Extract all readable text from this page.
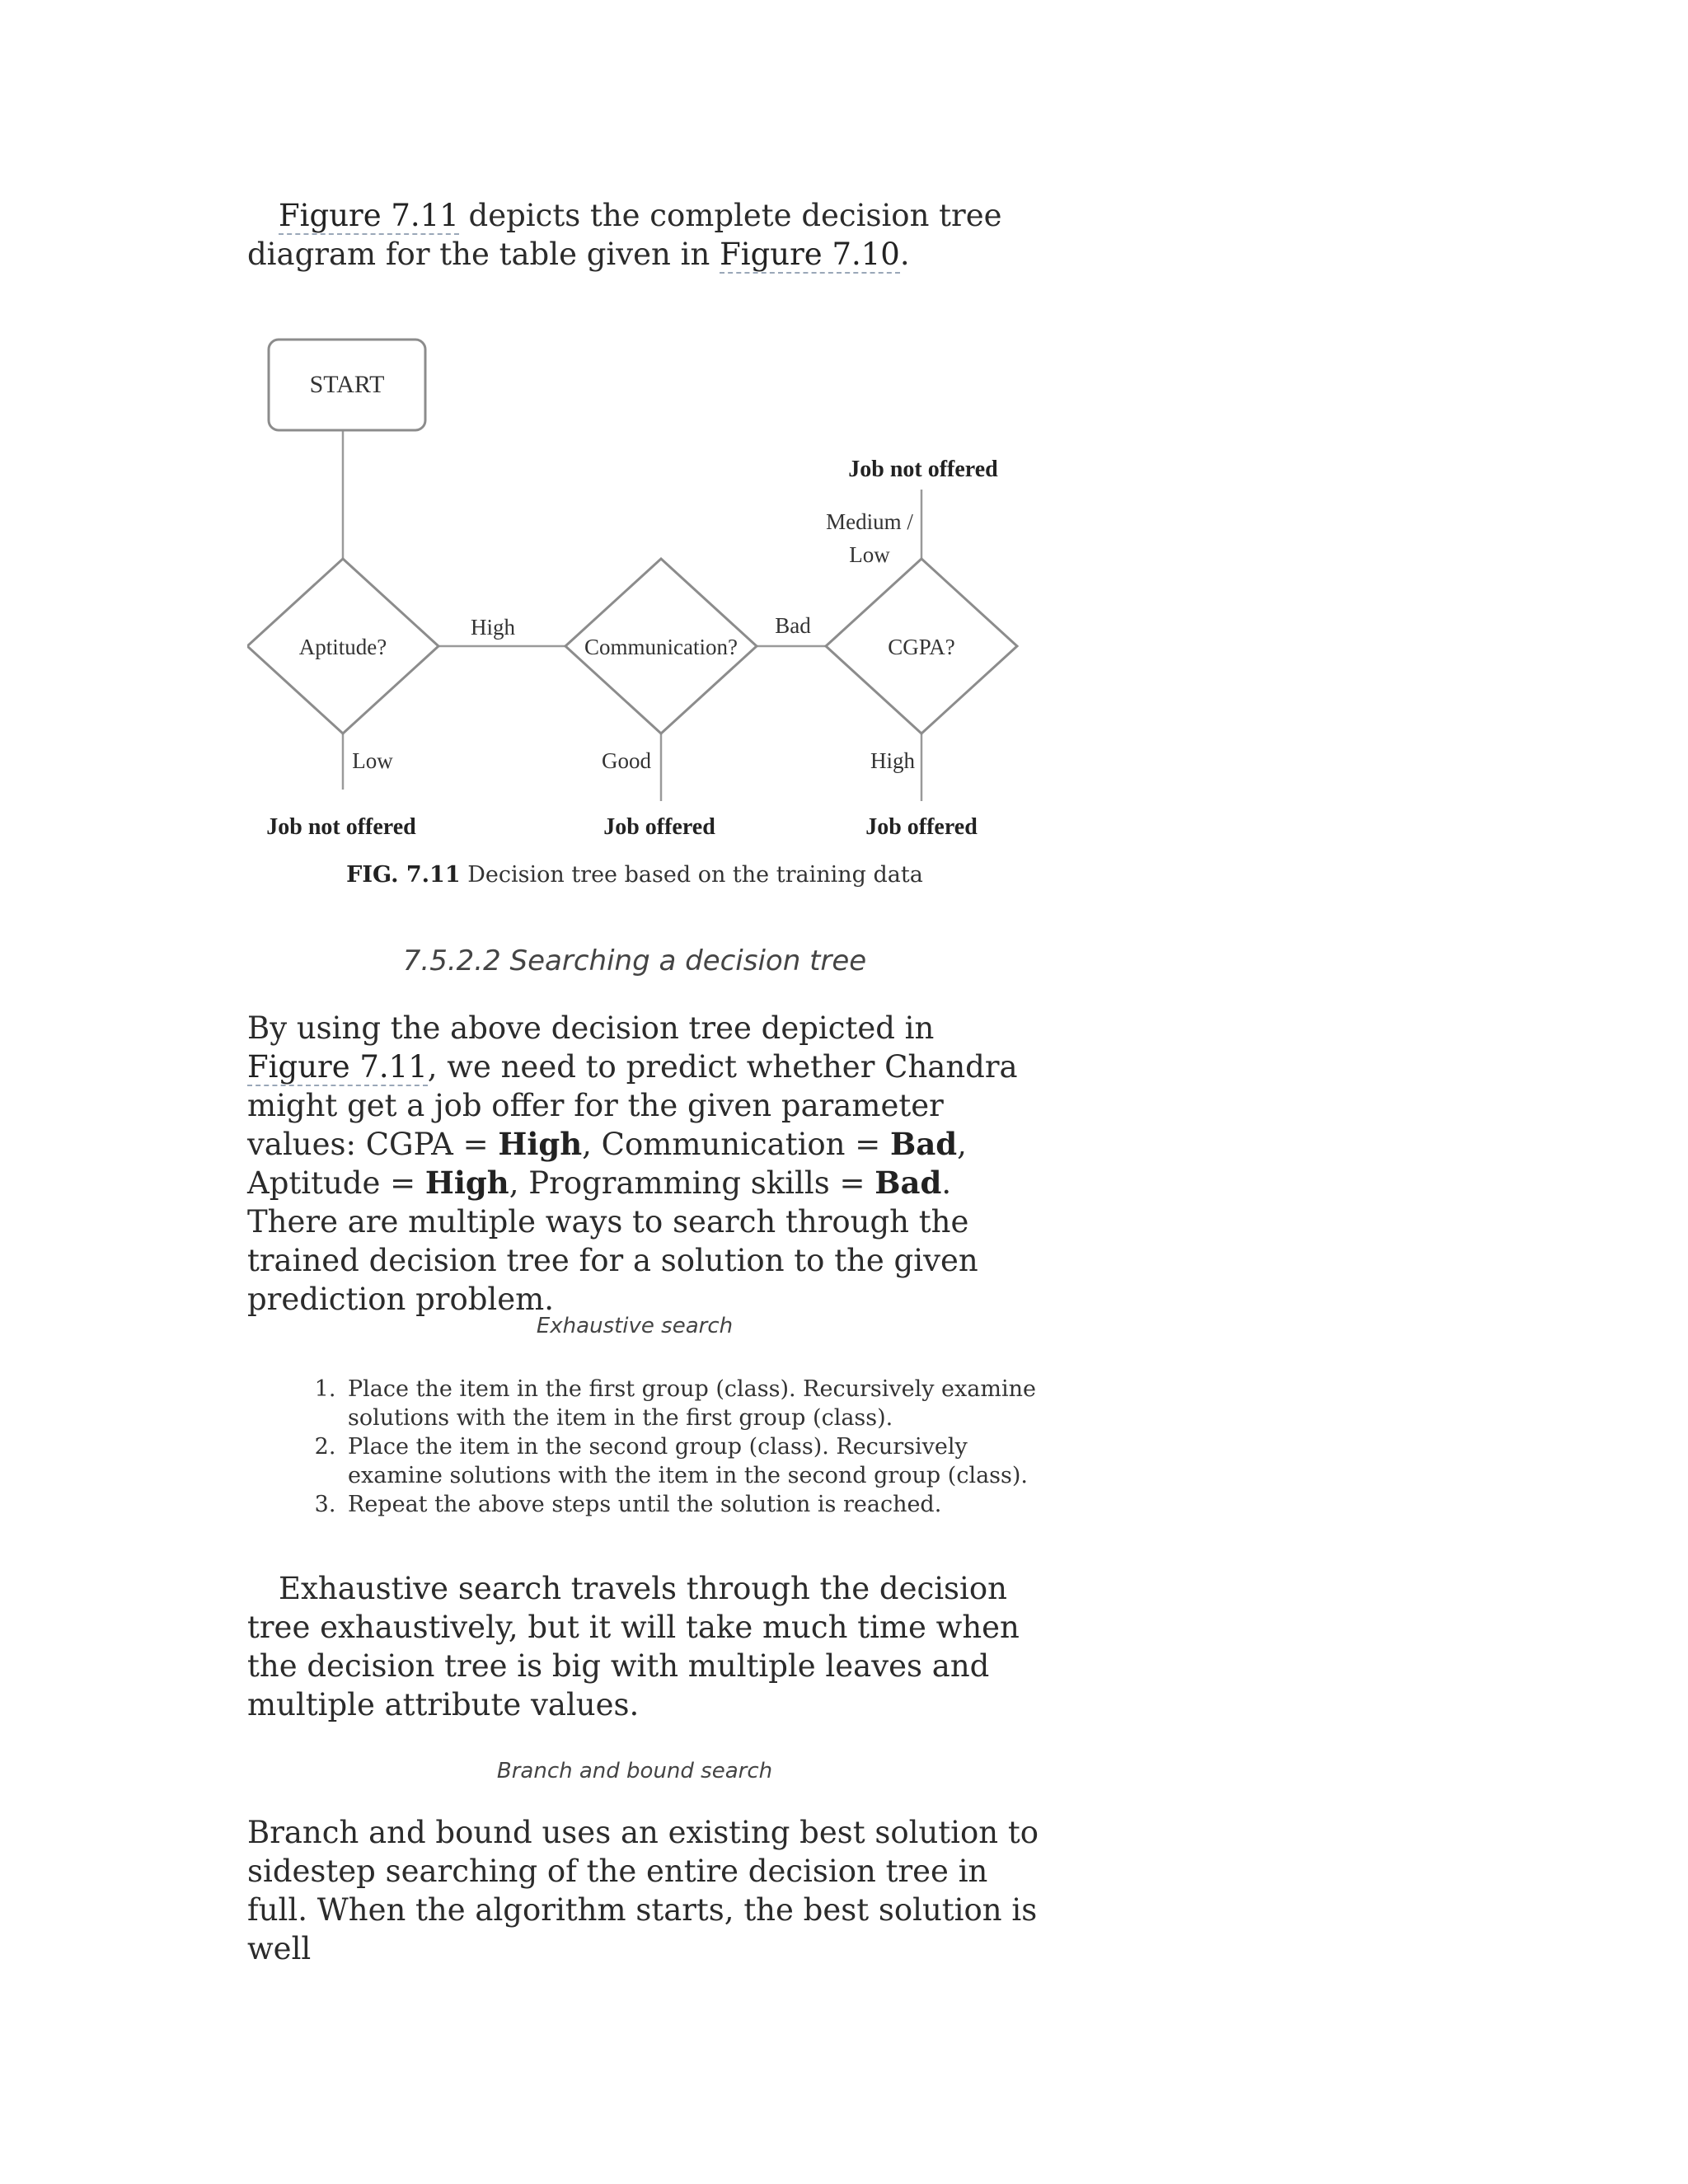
Figure 7.11 depicts the complete decision tree diagram for the table given in Figure 7.10.

START
Aptitude?	Communication?	CGPA?
High	Bad
Medium /
Low
Low	Good	High
Job not offered
Job not offered	Job offered	Job offered
FIG. 7.11 Decision tree based on the training data

7.5.2.2 Searching a decision tree

By using the above decision tree depicted in Figure 7.11, we need to predict whether Chandra might get a job offer for the given parameter values: CGPA = High, Communication = Bad, Aptitude = High, Programming skills = Bad. There are multiple ways to search through the trained decision tree for a solution to the given prediction problem.

Exhaustive search

1. Place the item in the first group (class). Recursively examine solutions with the item in the first group (class).
2. Place the item in the second group (class). Recursively examine solutions with the item in the second group (class).
3. Repeat the above steps until the solution is reached.

Exhaustive search travels through the decision tree exhaustively, but it will take much time when the decision tree is big with multiple leaves and multiple attribute values.

Branch and bound search

Branch and bound uses an existing best solution to sidestep searching of the entire decision tree in full. When the algorithm starts, the best solution is well
